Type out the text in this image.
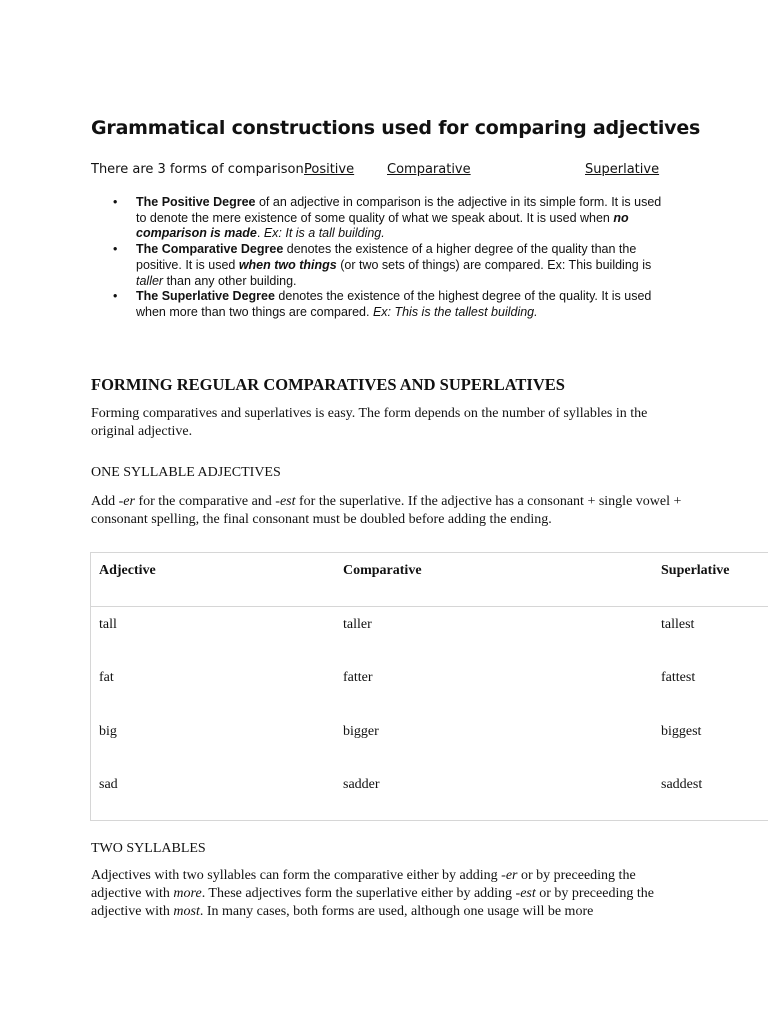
Grammatical constructions used for comparing adjectives
There are 3 forms of comparison:
Positive	Comparative	Superlative
• The Positive Degree of an adjective in comparison is the adjective in its simple form. It is used to denote the mere existence of some quality of what we speak about. It is used when no comparison is made. Ex: It is a tall building.
• The Comparative Degree denotes the existence of a higher degree of the quality than the positive. It is used when two things (or two sets of things) are compared. Ex: This building is taller than any other building.
• The Superlative Degree denotes the existence of the highest degree of the quality. It is used when more than two things are compared. Ex: This is the tallest building.
FORMING REGULAR COMPARATIVES AND SUPERLATIVES
Forming comparatives and superlatives is easy. The form depends on the number of syllables in the original adjective.
ONE SYLLABLE ADJECTIVES
Add -er for the comparative and -est for the superlative. If the adjective has a consonant + single vowel + consonant spelling, the final consonant must be doubled before adding the ending.
Adjective	Comparative	Superlative
tall	taller	tallest
fat	fatter	fattest
big	bigger	biggest
sad	sadder	saddest
TWO SYLLABLES
Adjectives with two syllables can form the comparative either by adding -er or by preceeding the adjective with more. These adjectives form the superlative either by adding -est or by preceeding the adjective with most. In many cases, both forms are used, although one usage will be more
